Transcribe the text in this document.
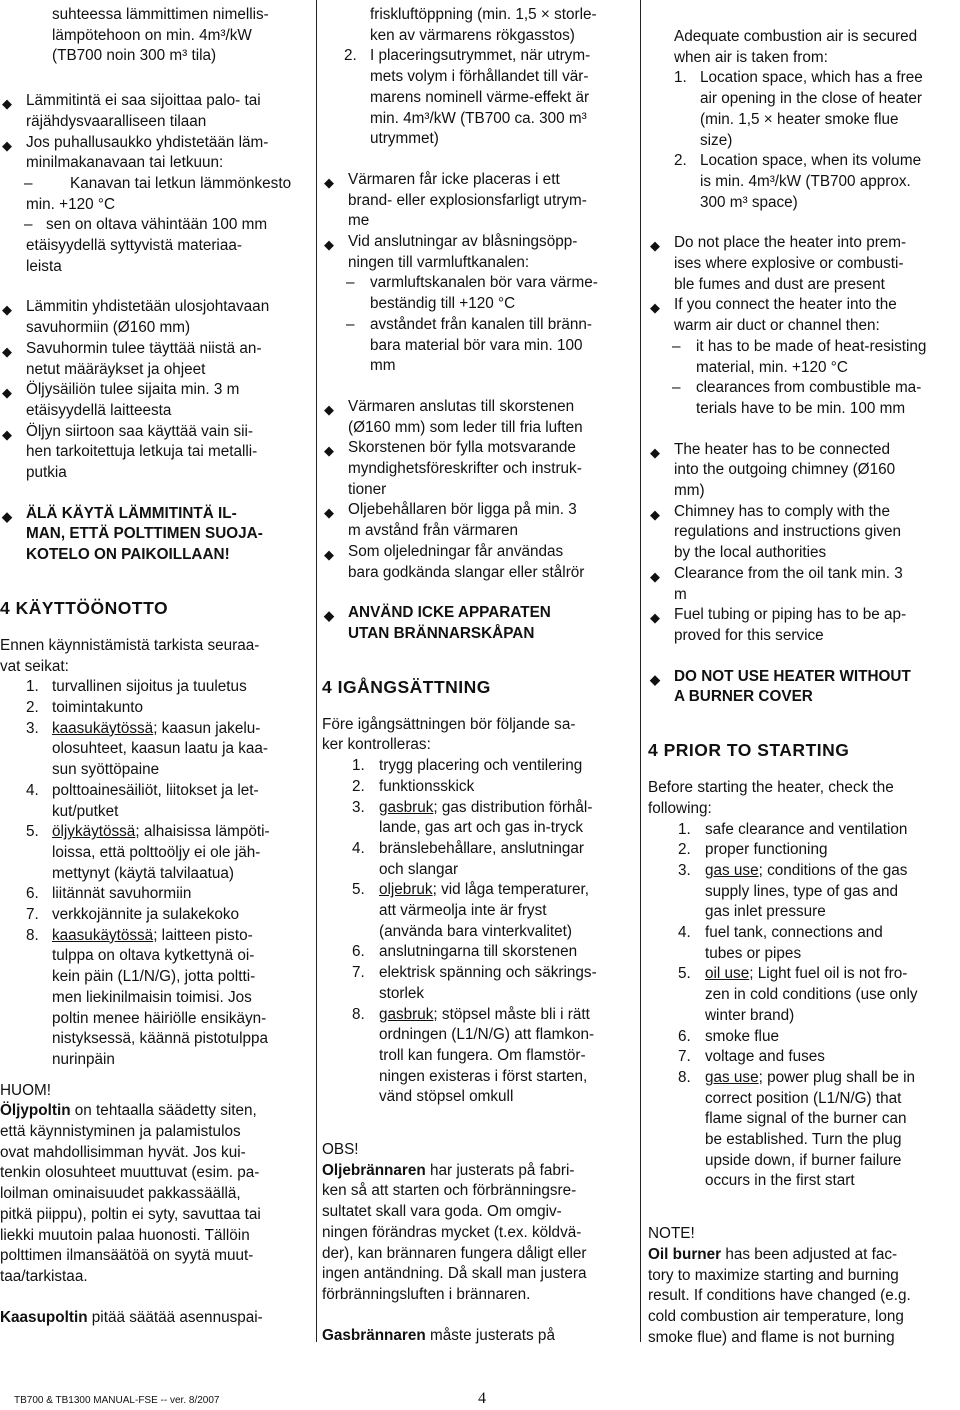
suhteessa lämmittimen nimellis-

lämpötehoon on min. 4m³/kW

(TB700 noin 300 m³ tila)

◆ Lämmitintä ei saa sijoittaa palo- tai

räjähdysvaaralliseen tilaan

◆ Jos puhallusaukko yhdistetään läm-

minilmakanavaan tai letkuun:

– Kanavan tai letkun lämmönkesto

min. +120 °C

– sen on oltava vähintään 100 mm

etäisyydellä syttyvistä materiaa-

leista

◆ Lämmitin yhdistetään ulosjohtavaan

savuhormiin (Ø160 mm)

◆ Savuhormin tulee täyttää niistä an-

netut määräykset ja ohjeet

◆ Öljysäiliön tulee sijaita min. 3 m

etäisyydellä laitteesta

◆ Öljyn siirtoon saa käyttää vain sii-

hen tarkoitettuja letkuja tai metalli-

putkia

◆ ÄLÄ KÄYTÄ LÄMMITINTÄ IL-

MAN, ETTÄ POLTTIMEN SUOJA-

KOTELO ON PAIKOILLAAN!

4 KÄYTTÖÖNOTTO

Ennen käynnistämistä tarkista seuraa-

vat seikat:

1. turvallinen sijoitus ja tuuletus

2. toimintakunto

3. kaasukäytössä; kaasun jakelu-

olosuhteet, kaasun laatu ja kaa-

sun syöttöpaine

4. polttoainesäiliöt, liitokset ja let-

kut/putket

5. öljykäytössä; alhaisissa lämpöti-

loissa, että polttoöljy ei ole jäh-

mettynyt (käytä talvilaatua)

6. liitännät savuhormiin

7. verkkojännite ja sulakekoko

8. kaasukäytössä; laitteen pisto-

tulppa on oltava kytkettynä oi-

kein päin (L1/N/G), jotta poltti-

men liekinilmaisin toimisi. Jos

poltin menee häiriölle ensikäyn-

nistyksessä, käännä pistotulppa

nurinpäin

HUOM!

Öljypoltin on tehtaalla säädetty siten,

että käynnistyminen ja palamistulos

ovat mahdollisimman hyvät. Jos kui-

tenkin olosuhteet muuttuvat (esim. pa-

loilman ominaisuudet pakkassäällä,

pitkä piippu), poltin ei syty, savuttaa tai

liekki muutoin palaa huonosti. Tällöin

polttimen ilmansäätöä on syytä muut-

taa/tarkistaa.

Kaasupoltin pitää säätää asennuspai-

friskluftöppning (min. 1,5 × storle-

ken av värmarens rökgasstos)

2. I placeringsutrymmet, när utrym-

mets volym i förhållandet till vär-

marens nominell värme-effekt är

min. 4m³/kW (TB700 ca. 300 m³

utrymmet)

◆ Värmaren får icke placeras i ett

brand- eller explosionsfarligt utrym-

me

◆ Vid anslutningar av blåsningsöpp-

ningen till varmluftkanalen:

– varmluftskanalen bör vara värme-

beständig till +120 °C

– avståndet från kanalen till bränn-

bara material bör vara min. 100

mm

◆ Värmaren anslutas till skorstenen

(Ø160 mm) som leder till fria luften

◆ Skorstenen bör fylla motsvarande

myndighetsföreskrifter och instruk-

tioner

◆ Oljebehållaren bör ligga på min. 3

m avstånd från värmaren

◆ Som oljeledningar får användas

bara godkända slangar eller stålrör

◆ ANVÄND ICKE APPARATEN

UTAN BRÄNNARSKÅPAN

4 IGÅNGSÄTTNING

Före igångsättningen bör följande sa-

ker kontrolleras:

1. trygg placering och ventilering

2. funktionsskick

3. gasbruk; gas distribution förhål-

lande, gas art och gas in-tryck

4. bränslebehållare, anslutningar

och slangar

5. oljebruk; vid låga temperaturer,

att värmeolja inte är fryst

(använda bara vinterkvalitet)

6. anslutningarna till skorstenen

7. elektrisk spänning och säkrings-

storlek

8. gasbruk; stöpsel måste bli i rätt

ordningen (L1/N/G) att flamkon-

troll kan fungera. Om flamstör-

ningen existeras i först starten,

vänd stöpsel omkull

OBS!

Oljebrännaren har justerats på fabri-

ken så att starten och förbränningsre-

sultatet skall vara goda. Om omgiv-

ningen förändras mycket (t.ex. köldvä-

der), kan brännaren fungera dåligt eller

ingen antändning. Då skall man justera

förbränningsluften i brännaren.

Gasbrännaren måste justerats på

Adequate combustion air is secured

when air is taken from:

1. Location space, which has a free

air opening in the close of heater

(min. 1,5 × heater smoke flue

size)

2. Location space, when its volume

is min. 4m³/kW (TB700 approx.

300 m³ space)

◆ Do not place the heater into prem-

ises where explosive or combusti-

ble fumes and dust are present

◆ If you connect the heater into the

warm air duct or channel then:

– it has to be made of heat-resisting

material, min. +120 °C

– clearances from combustible ma-

terials have to be min. 100 mm

◆ The heater has to be connected

into the outgoing chimney (Ø160

mm)

◆ Chimney has to comply with the

regulations and instructions given

by the local authorities

◆ Clearance from the oil tank min. 3

m

◆ Fuel tubing or piping has to be ap-

proved for this service

◆ DO NOT USE HEATER WITHOUT

A BURNER COVER

4 PRIOR TO STARTING

Before starting the heater, check the

following:

1. safe clearance and ventilation

2. proper functioning

3. gas use; conditions of the gas

supply lines, type of gas and

gas inlet pressure

4. fuel tank, connections and

tubes or pipes

5. oil use; Light fuel oil is not fro-

zen in cold conditions (use only

winter brand)

6. smoke flue

7. voltage and fuses

8. gas use; power plug shall be in

correct position (L1/N/G) that

flame signal of the burner can

be established. Turn the plug

upside down, if burner failure

occurs in the first start

NOTE!

Oil burner has been adjusted at fac-

tory to maximize starting and burning

result. If conditions have changed (e.g.

cold combustion air temperature, long

smoke flue) and flame is not burning

TB700 & TB1300 MANUAL-FSE -- ver. 8/2007	4
